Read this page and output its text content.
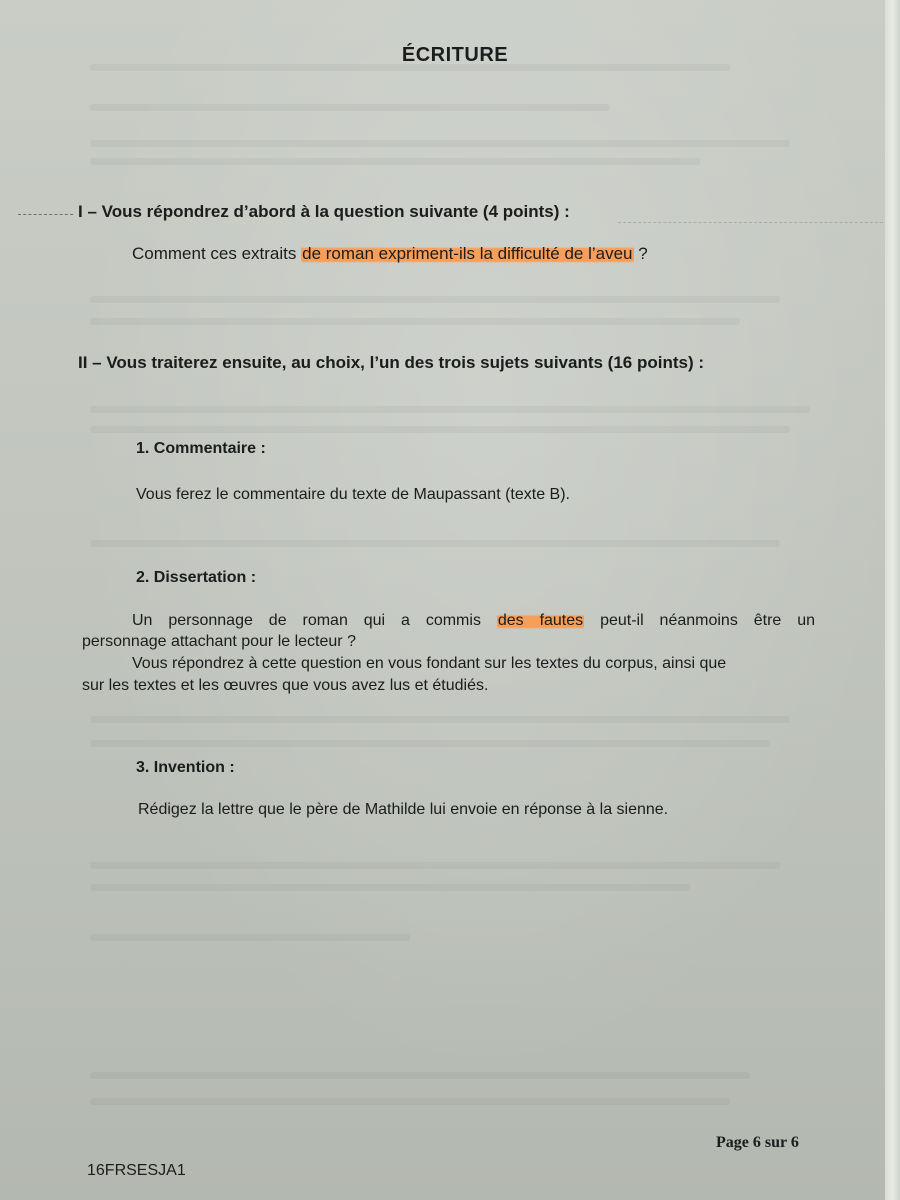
ÉCRITURE
I – Vous répondrez d’abord à la question suivante (4 points) :
Comment ces extraits de roman expriment-ils la difficulté de l’aveu ?
II – Vous traiterez ensuite, au choix, l’un des trois sujets suivants (16 points) :
1. Commentaire :
Vous ferez le commentaire du texte de Maupassant (texte B).
2. Dissertation :
Un personnage de roman qui a commis des fautes peut-il néanmoins être un
personnage attachant pour le lecteur ?
Vous répondrez à cette question en vous fondant sur les textes du corpus, ainsi que
sur les textes et les œuvres que vous avez lus et étudiés.
3. Invention :
Rédigez la lettre que le père de Mathilde lui envoie en réponse à la sienne.
Page 6 sur 6
16FRSESJA1
